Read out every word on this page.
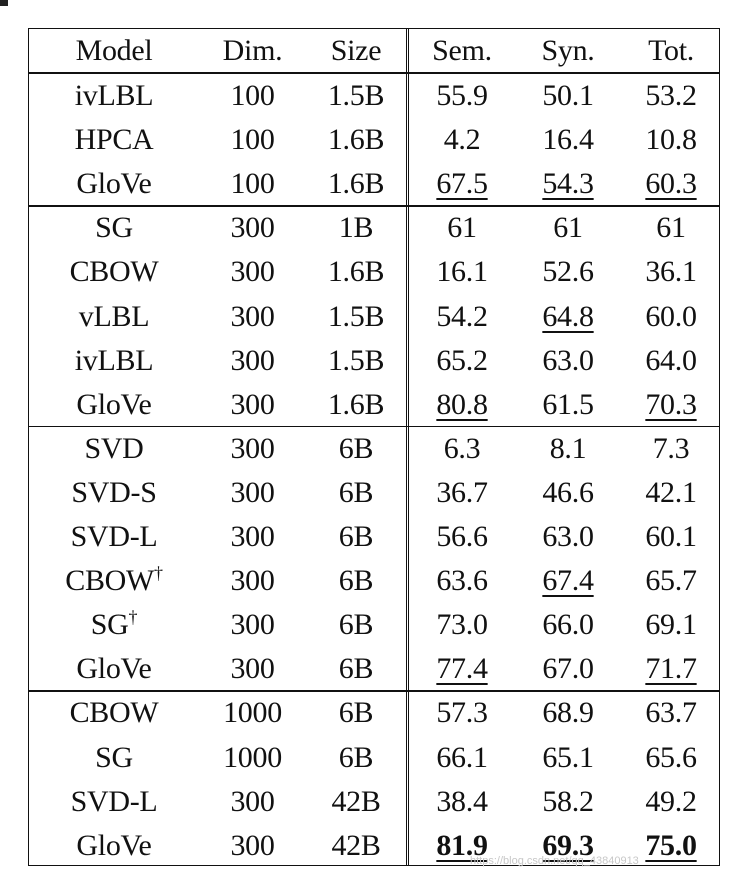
Model	Dim.	Size	Sem.	Syn.	Tot.
ivLBL	100	1.5B	55.9	50.1	53.2
HPCA	100	1.6B	4.2	16.4	10.8
GloVe	100	1.6B	67.5	54.3	60.3
SG	300	1B	61	61	61
CBOW	300	1.6B	16.1	52.6	36.1
vLBL	300	1.5B	54.2	64.8	60.0
ivLBL	300	1.5B	65.2	63.0	64.0
GloVe	300	1.6B	80.8	61.5	70.3
SVD	300	6B	6.3	8.1	7.3
SVD-S	300	6B	36.7	46.6	42.1
SVD-L	300	6B	56.6	63.0	60.1
CBOW†	300	6B	63.6	67.4	65.7
SG†	300	6B	73.0	66.0	69.1
GloVe	300	6B	77.4	67.0	71.7
CBOW	1000	6B	57.3	68.9	63.7
SG	1000	6B	66.1	65.1	65.6
SVD-L	300	42B	38.4	58.2	49.2
GloVe	300	42B	81.9	69.3	75.0
https://blog.csdn.net/qq_43840913
